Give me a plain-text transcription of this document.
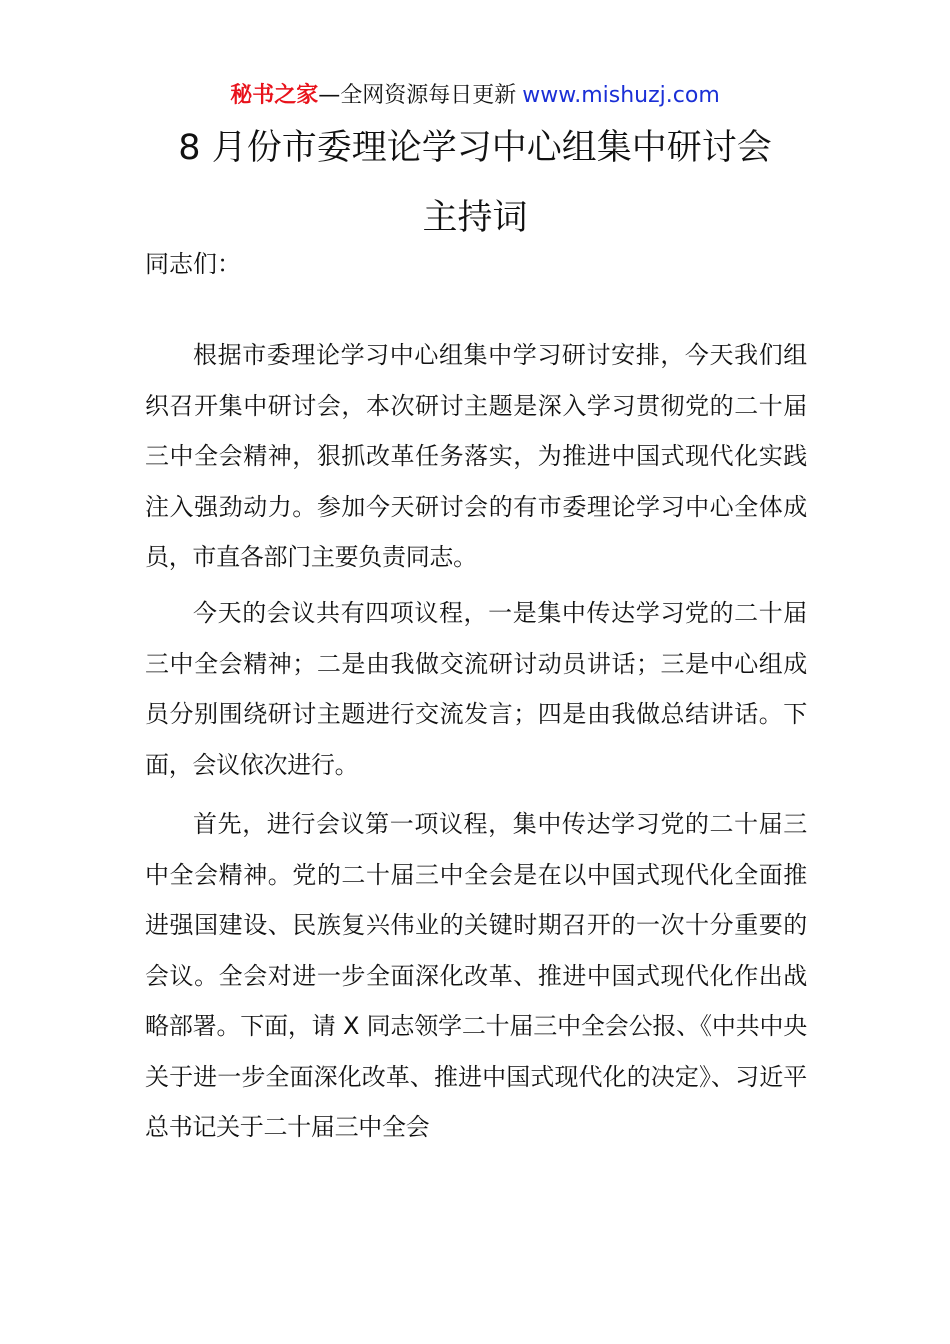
秘书之家—全网资源每日更新 www.mishuzj.com
8 月份市委理论学习中心组集中研讨会
主持词
同志们：
根据市委理论学习中心组集中学习研讨安排，今天我们组织召开集中研讨会，本次研讨主题是深入学习贯彻党的二十届三中全会精神，狠抓改革任务落实，为推进中国式现代化实践注入强劲动力。参加今天研讨会的有市委理论学习中心全体成员，市直各部门主要负责同志。
今天的会议共有四项议程，一是集中传达学习党的二十届三中全会精神；二是由我做交流研讨动员讲话；三是中心组成员分别围绕研讨主题进行交流发言；四是由我做总结讲话。下面，会议依次进行。
首先，进行会议第一项议程，集中传达学习党的二十届三中全会精神。党的二十届三中全会是在以中国式现代化全面推进强国建设、民族复兴伟业的关键时期召开的一次十分重要的会议。全会对进一步全面深化改革、推进中国式现代化作出战略部署。下面，请 X 同志领学二十届三中全会公报、《中共中央关于进一步全面深化改革、推进中国式现代化的决定》、习近平总书记关于二十届三中全会
